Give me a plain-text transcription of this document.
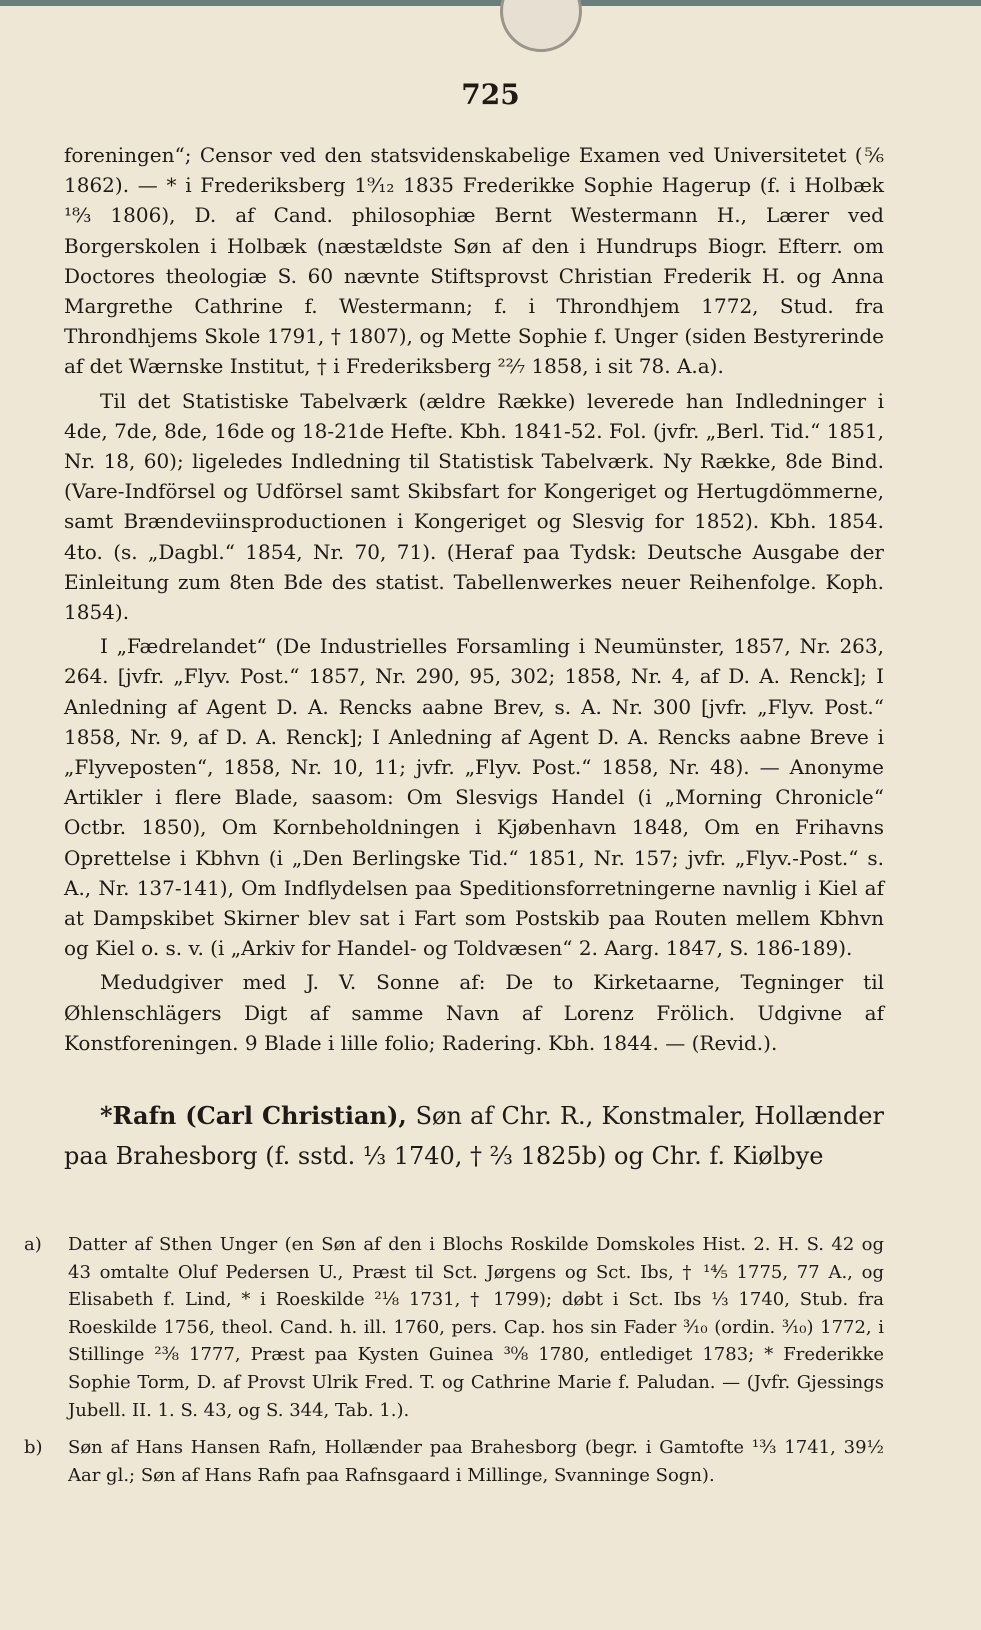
725

foreningen“; Censor ved den statsvidenskabelige Examen ved Universitetet (⅚ 1862). — * i Frederiksberg 1⁹⁄₁₂ 1835 Frederikke Sophie Hagerup (f. i Holbæk ¹⁸⁄₃ 1806), D. af Cand. philosophiæ Bernt Westermann H., Lærer ved Borgerskolen i Holbæk (næstældste Søn af den i Hundrups Biogr. Efterr. om Doctores theologiæ S. 60 nævnte Stiftsprovst Christian Frederik H. og Anna Margrethe Cathrine f. Westermann; f. i Throndhjem 1772, Stud. fra Throndhjems Skole 1791, † 1807), og Mette Sophie f. Unger (siden Bestyrerinde af det Wærnske Institut, † i Frederiksberg ²²⁄₇ 1858, i sit 78. A.a).

Til det Statistiske Tabelværk (ældre Række) leverede han Indledninger i 4de, 7de, 8de, 16de og 18-21de Hefte. Kbh. 1841-52. Fol. (jvfr. „Berl. Tid.“ 1851, Nr. 18, 60); ligeledes Indledning til Statistisk Tabelværk. Ny Række, 8de Bind. (Vare-Indförsel og Udförsel samt Skibsfart for Kongeriget og Hertugdömmerne, samt Brændeviinsproductionen i Kongeriget og Slesvig for 1852). Kbh. 1854. 4to. (s. „Dagbl.“ 1854, Nr. 70, 71). (Heraf paa Tydsk: Deutsche Ausgabe der Einleitung zum 8ten Bde des statist. Tabellenwerkes neuer Reihenfolge. Koph. 1854).

I „Fædrelandet“ (De Industrielles Forsamling i Neumünster, 1857, Nr. 263, 264. [jvfr. „Flyv. Post.“ 1857, Nr. 290, 95, 302; 1858, Nr. 4, af D. A. Renck]; I Anledning af Agent D. A. Rencks aabne Brev, s. A. Nr. 300 [jvfr. „Flyv. Post.“ 1858, Nr. 9, af D. A. Renck]; I Anledning af Agent D. A. Rencks aabne Breve i „Flyveposten“, 1858, Nr. 10, 11; jvfr. „Flyv. Post.“ 1858, Nr. 48). — Anonyme Artikler i flere Blade, saasom: Om Slesvigs Handel (i „Morning Chronicle“ Octbr. 1850), Om Kornbeholdningen i Kjøbenhavn 1848, Om en Frihavns Oprettelse i Kbhvn (i „Den Berlingske Tid.“ 1851, Nr. 157; jvfr. „Flyv.-Post.“ s. A., Nr. 137-141), Om Indflydelsen paa Speditionsforretningerne navnlig i Kiel af at Dampskibet Skirner blev sat i Fart som Postskib paa Routen mellem Kbhvn og Kiel o. s. v. (i „Arkiv for Handel- og Toldvæsen“ 2. Aarg. 1847, S. 186-189).

Medudgiver med J. V. Sonne af: De to Kirketaarne, Tegninger til Øhlenschlägers Digt af samme Navn af Lorenz Frölich. Udgivne af Konstforeningen. 9 Blade i lille folio; Radering. Kbh. 1844. — (Revid.).

*Rafn (Carl Christian), Søn af Chr. R., Konstmaler, Hollænder paa Brahesborg (f. sstd. ⅓ 1740, † ⅔ 1825b) og Chr. f. Kiølbye

a) Datter af Sthen Unger (en Søn af den i Blochs Roskilde Domskoles Hist. 2. H. S. 42 og 43 omtalte Oluf Pedersen U., Præst til Sct. Jørgens og Sct. Ibs, † ¹⁴⁄₅ 1775, 77 A., og Elisabeth f. Lind, * i Roeskilde ²¹⁄₈ 1731, † 1799); døbt i Sct. Ibs ⅓ 1740, Stub. fra Roeskilde 1756, theol. Cand. h. ill. 1760, pers. Cap. hos sin Fader ³⁄₁₀ (ordin. ³⁄₁₀) 1772, i Stillinge ²³⁄₈ 1777, Præst paa Kysten Guinea ³⁰⁄₈ 1780, entlediget 1783; * Frederikke Sophie Torm, D. af Provst Ulrik Fred. T. og Cathrine Marie f. Paludan. — (Jvfr. Gjessings Jubell. II. 1. S. 43, og S. 344, Tab. 1.).
b) Søn af Hans Hansen Rafn, Hollænder paa Brahesborg (begr. i Gamtofte ¹³⁄₃ 1741, 39½ Aar gl.; Søn af Hans Rafn paa Rafnsgaard i Millinge, Svanninge Sogn).
